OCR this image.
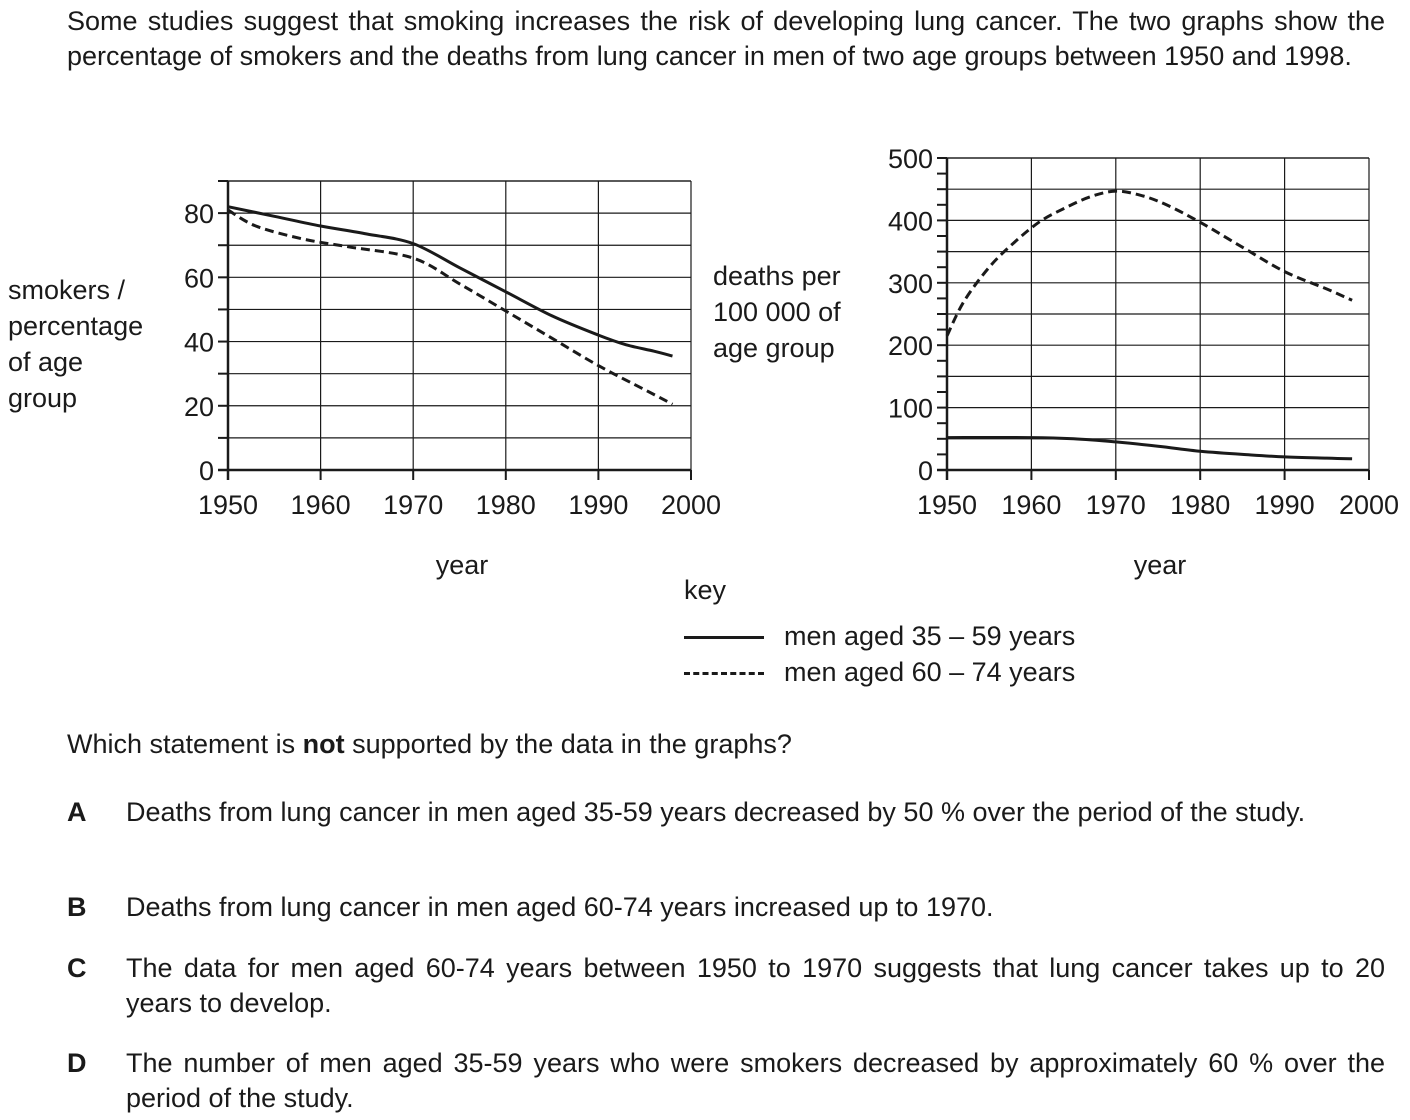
Some studies suggest that smoking increases the risk of developing lung cancer. The two graphs show the percentage of smokers and the deaths from lung cancer in men of two age groups between 1950 and 1998.

smokers /
percentage
of age
group

deaths per
100 000 of
age group

1950 1960 1970 1980 1990 2000
0
20
40
60
80
year
1950 1960 1970 1980 1990 2000
0
100
200
300
400
500
year

key

men aged 35 – 59 years
men aged 60 – 74 years

Which statement is not supported by the data in the graphs?

A Deaths from lung cancer in men aged 35-59 years decreased by 50 % over the period of the study.
B Deaths from lung cancer in men aged 60-74 years increased up to 1970.
C The data for men aged 60-74 years between 1950 to 1970 suggests that lung cancer takes up to 20 years to develop.
D The number of men aged 35-59 years who were smokers decreased by approximately 60 % over the period of the study.
